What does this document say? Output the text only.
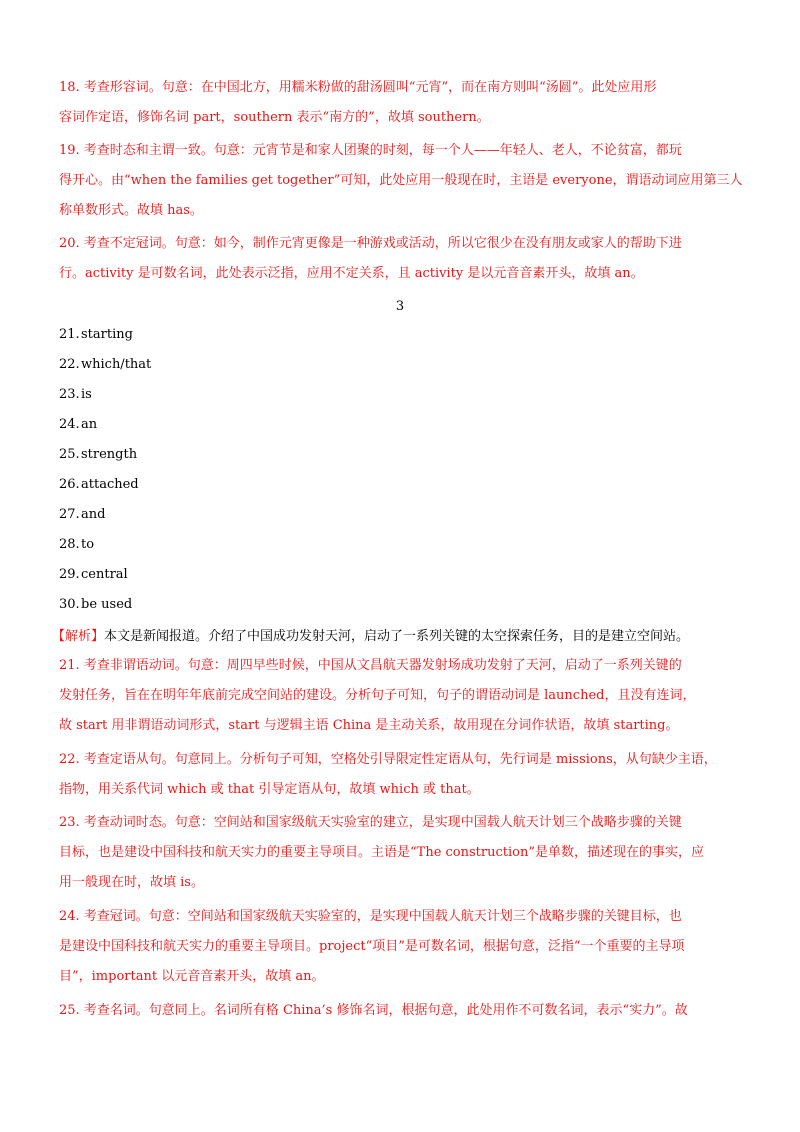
18. 考查形容词。句意：在中国北方，用糯米粉做的甜汤圆叫“元宵”，而在南方则叫“汤圆”。此处应用形
容词作定语，修饰名词 part，southern 表示“南方的”，故填 southern。

19. 考查时态和主谓一致。句意：元宵节是和家人团聚的时刻，每一个人——年轻人、老人，不论贫富，都玩
得开心。由“when the families get together”可知，此处应用一般现在时，主语是 everyone，谓语动词应用第三人
称单数形式。故填 has。

20. 考查不定冠词。句意：如今，制作元宵更像是一种游戏或活动，所以它很少在没有朋友或家人的帮助下进
行。activity 是可数名词，此处表示泛指，应用不定关系，且 activity 是以元音音素开头，故填 an。

3

21.starting

22.which/that

23.is

24.an

25.strength

26.attached

27.and

28.to

29.central

30.be used

【解析】本文是新闻报道。介绍了中国成功发射天河，启动了一系列关键的太空探索任务，目的是建立空间站。

21. 考查非谓语动词。句意：周四早些时候，中国从文昌航天器发射场成功发射了天河，启动了一系列关键的
发射任务，旨在在明年年底前完成空间站的建设。分析句子可知，句子的谓语动词是 launched，且没有连词，
故 start 用非谓语动词形式，start 与逻辑主语 China 是主动关系，故用现在分词作状语，故填 starting。

22. 考查定语从句。句意同上。分析句子可知，空格处引导限定性定语从句，先行词是 missions，从句缺少主语，
指物，用关系代词 which 或 that 引导定语从句，故填 which 或 that。

23. 考查动词时态。句意：空间站和国家级航天实验室的建立，是实现中国载人航天计划三个战略步骤的关键
目标，也是建设中国科技和航天实力的重要主导项目。主语是“The construction”是单数，描述现在的事实，应
用一般现在时，故填 is。

24. 考查冠词。句意：空间站和国家级航天实验室的，是实现中国载人航天计划三个战略步骤的关键目标，也
是建设中国科技和航天实力的重要主导项目。project“项目”是可数名词，根据句意，泛指“一个重要的主导项
目”，important 以元音音素开头，故填 an。

25. 考查名词。句意同上。名词所有格 China’s 修饰名词，根据句意，此处用作不可数名词，表示“实力”。故
